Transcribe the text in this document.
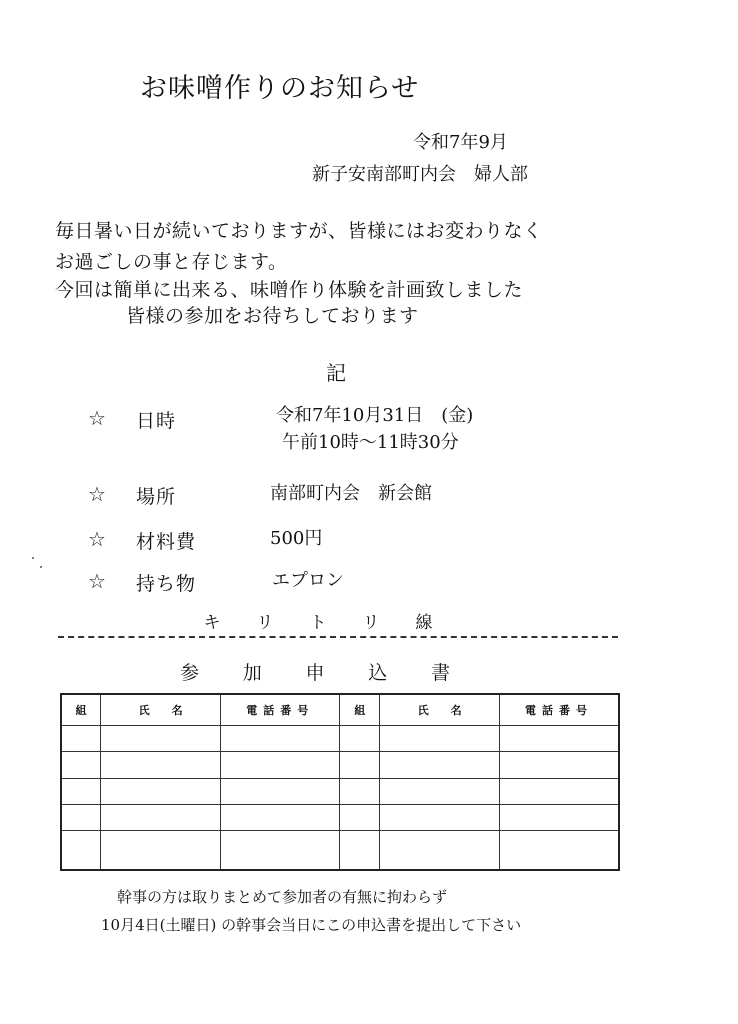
お味噌作りのお知らせ
令和7年9月
新子安南部町内会　婦人部
毎日暑い日が続いておりますが、皆様にはお変わりなく
お過ごしの事と存じます。
今回は簡単に出来る、味噌作り体験を計画致しました
皆様の参加をお待ちしております
記
☆ 日時	令和7年10月31日　(金)
午前10時～11時30分
☆ 場所	南部町内会　新会館
☆ 材料費	500円
☆ 持ち物	エプロン
キ リ ト リ 線
参 加 申 込 書
組	氏　　名	電話番号	組	氏　　名	電話番号

幹事の方は取りまとめて参加者の有無に拘わらず
10月4日(土曜日) の幹事会当日にこの申込書を提出して下さい
